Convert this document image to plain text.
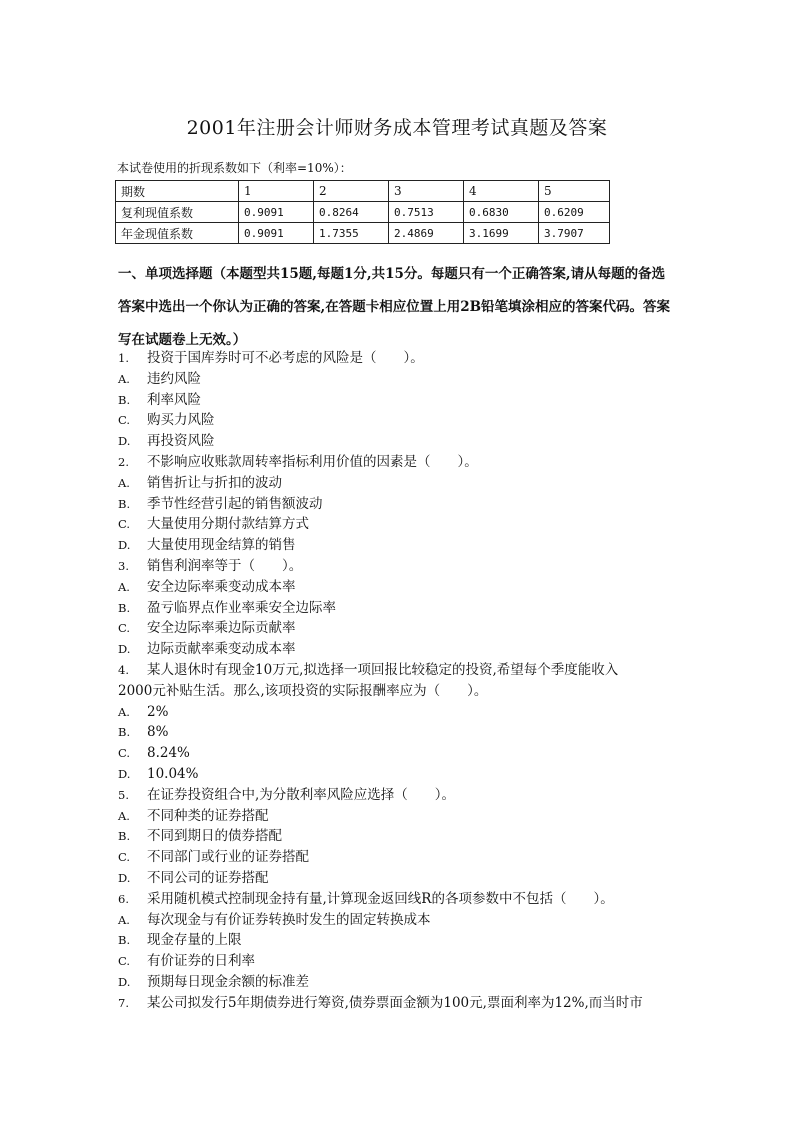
2001年注册会计师财务成本管理考试真题及答案
本试卷使用的折现系数如下（利率=10%）：
期数	1	2	3	4	5
复利现值系数	0.9091	0.8264	0.7513	0.6830	0.6209
年金现值系数	0.9091	1.7355	2.4869	3.1699	3.7907
一、单项选择题（本题型共15题,每题1分,共15分。每题只有一个正确答案,请从每题的备选答案中选出一个你认为正确的答案,在答题卡相应位置上用2B铅笔填涂相应的答案代码。答案写在试题卷上无效。）
1.	投资于国库券时可不必考虑的风险是（　　）。
A.	违约风险
B.	利率风险
C.	购买力风险
D.	再投资风险
2.	不影响应收账款周转率指标利用价值的因素是（　　）。
A.	销售折让与折扣的波动
B.	季节性经营引起的销售额波动
C.	大量使用分期付款结算方式
D.	大量使用现金结算的销售
3.	销售利润率等于（　　）。
A.	安全边际率乘变动成本率
B.	盈亏临界点作业率乘安全边际率
C.	安全边际率乘边际贡献率
D.	边际贡献率乘变动成本率
4.	某人退休时有现金10万元,拟选择一项回报比较稳定的投资,希望每个季度能收入
2000元补贴生活。那么,该项投资的实际报酬率应为（　　）。
A.	2%
B.	8%
C.	8.24%
D.	10.04%
5.	在证券投资组合中,为分散利率风险应选择（　　）。
A.	不同种类的证券搭配
B.	不同到期日的债券搭配
C.	不同部门或行业的证券搭配
D.	不同公司的证券搭配
6.	采用随机模式控制现金持有量,计算现金返回线R的各项参数中不包括（　　）。
A.	每次现金与有价证券转换时发生的固定转换成本
B.	现金存量的上限
C.	有价证券的日利率
D.	预期每日现金余额的标准差
7.	某公司拟发行5年期债券进行筹资,债券票面金额为100元,票面利率为12%,而当时市
